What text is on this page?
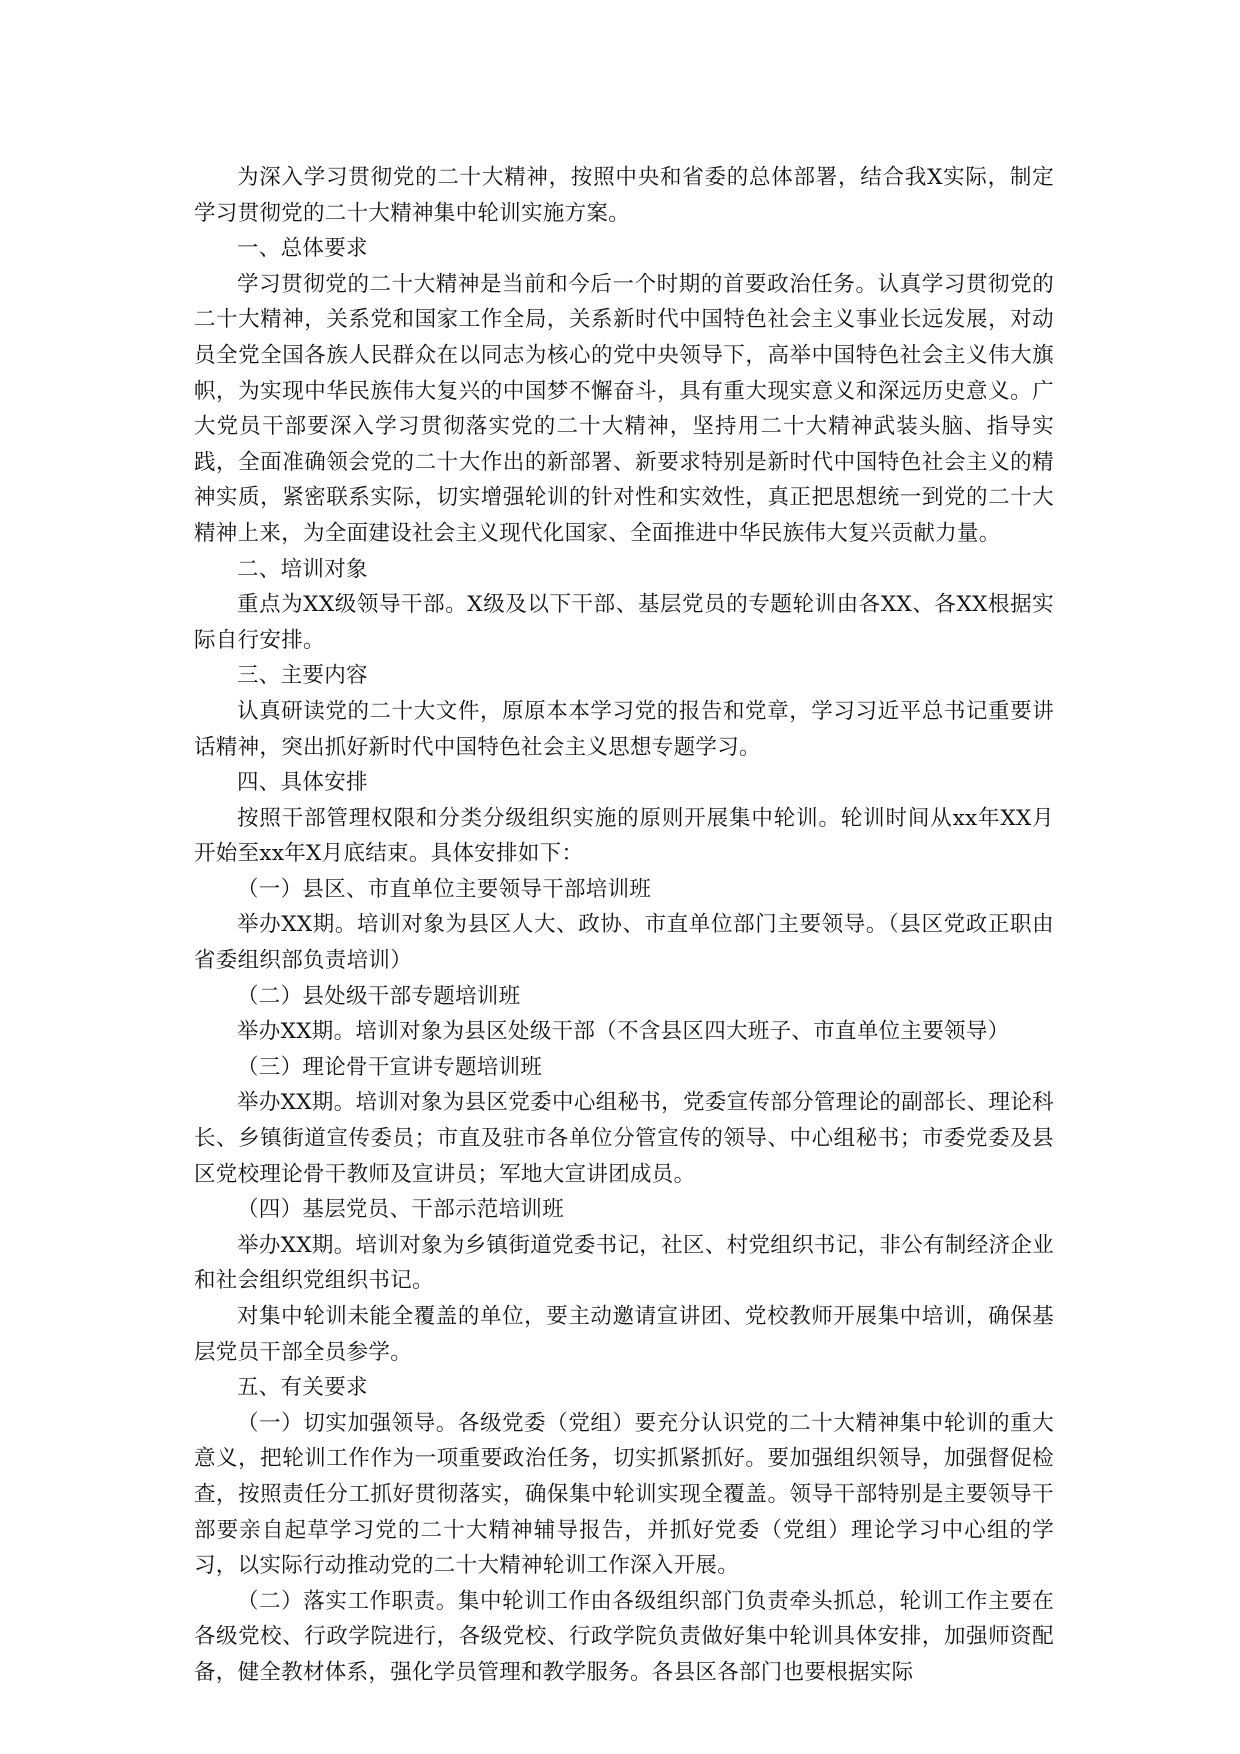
为深入学习贯彻党的二十大精神，按照中央和省委的总体部署，结合我X实际，制定学习贯彻党的二十大精神集中轮训实施方案。

一、总体要求

学习贯彻党的二十大精神是当前和今后一个时期的首要政治任务。认真学习贯彻党的二十大精神，关系党和国家工作全局，关系新时代中国特色社会主义事业长远发展，对动员全党全国各族人民群众在以同志为核心的党中央领导下，高举中国特色社会主义伟大旗帜，为实现中华民族伟大复兴的中国梦不懈奋斗，具有重大现实意义和深远历史意义。广大党员干部要深入学习贯彻落实党的二十大精神，坚持用二十大精神武装头脑、指导实践，全面准确领会党的二十大作出的新部署、新要求特别是新时代中国特色社会主义的精神实质，紧密联系实际，切实增强轮训的针对性和实效性，真正把思想统一到党的二十大精神上来，为全面建设社会主义现代化国家、全面推进中华民族伟大复兴贡献力量。

二、培训对象

重点为XX级领导干部。X级及以下干部、基层党员的专题轮训由各XX、各XX根据实际自行安排。

三、主要内容

认真研读党的二十大文件，原原本本学习党的报告和党章，学习习近平总书记重要讲话精神，突出抓好新时代中国特色社会主义思想专题学习。

四、具体安排

按照干部管理权限和分类分级组织实施的原则开展集中轮训。轮训时间从xx年XX月开始至xx年X月底结束。具体安排如下：

（一）县区、市直单位主要领导干部培训班

举办XX期。培训对象为县区人大、政协、市直单位部门主要领导。（县区党政正职由省委组织部负责培训）

（二）县处级干部专题培训班

举办XX期。培训对象为县区处级干部（不含县区四大班子、市直单位主要领导）

（三）理论骨干宣讲专题培训班

举办XX期。培训对象为县区党委中心组秘书，党委宣传部分管理论的副部长、理论科长、乡镇街道宣传委员；市直及驻市各单位分管宣传的领导、中心组秘书；市委党委及县区党校理论骨干教师及宣讲员；军地大宣讲团成员。

（四）基层党员、干部示范培训班

举办XX期。培训对象为乡镇街道党委书记，社区、村党组织书记，非公有制经济企业和社会组织党组织书记。

对集中轮训未能全覆盖的单位，要主动邀请宣讲团、党校教师开展集中培训，确保基层党员干部全员参学。

五、有关要求

（一）切实加强领导。各级党委（党组）要充分认识党的二十大精神集中轮训的重大意义，把轮训工作作为一项重要政治任务，切实抓紧抓好。要加强组织领导，加强督促检查，按照责任分工抓好贯彻落实，确保集中轮训实现全覆盖。领导干部特别是主要领导干部要亲自起草学习党的二十大精神辅导报告，并抓好党委（党组）理论学习中心组的学习，以实际行动推动党的二十大精神轮训工作深入开展。

（二）落实工作职责。集中轮训工作由各级组织部门负责牵头抓总，轮训工作主要在各级党校、行政学院进行，各级党校、行政学院负责做好集中轮训具体安排，加强师资配备，健全教材体系，强化学员管理和教学服务。各县区各部门也要根据实际
